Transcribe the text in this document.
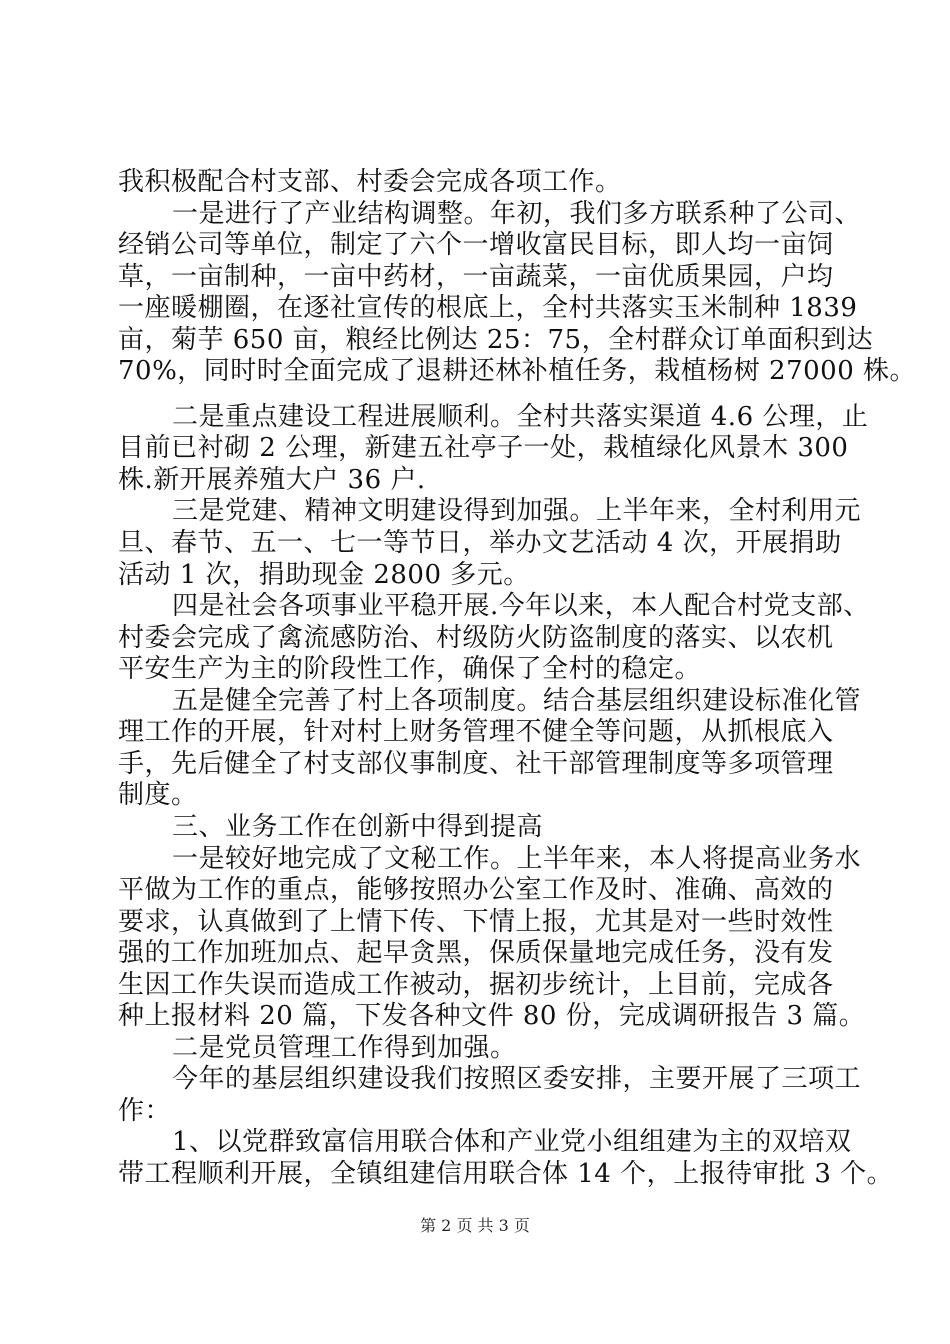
我积极配合村支部、村委会完成各项工作。
一是进行了产业结构调整。年初，我们多方联系种了公司、
经销公司等单位，制定了六个一增收富民目标，即人均一亩饲
草，一亩制种，一亩中药材，一亩蔬菜，一亩优质果园，户均
一座暖棚圈，在逐社宣传的根底上，全村共落实玉米制种 1839
亩，菊芋 650 亩，粮经比例达 25：75，全村群众订单面积到达
70%，同时时全面完成了退耕还林补植任务，栽植杨树 27000 株。
二是重点建设工程进展顺利。全村共落实渠道 4.6 公理，止
目前已衬砌 2 公理，新建五社亭子一处，栽植绿化风景木 300
株.新开展养殖大户 36 户.
三是党建、精神文明建设得到加强。上半年来，全村利用元
旦、春节、五一、七一等节日，举办文艺活动 4 次，开展捐助
活动 1 次，捐助现金 2800 多元。
四是社会各项事业平稳开展.今年以来，本人配合村党支部、
村委会完成了禽流感防治、村级防火防盗制度的落实、以农机
平安生产为主的阶段性工作，确保了全村的稳定。
五是健全完善了村上各项制度。结合基层组织建设标准化管
理工作的开展，针对村上财务管理不健全等问题，从抓根底入
手，先后健全了村支部仪事制度、社干部管理制度等多项管理
制度。
三、业务工作在创新中得到提高
一是较好地完成了文秘工作。上半年来，本人将提高业务水
平做为工作的重点，能够按照办公室工作及时、准确、高效的
要求，认真做到了上情下传、下情上报，尤其是对一些时效性
强的工作加班加点、起早贪黑，保质保量地完成任务，没有发
生因工作失误而造成工作被动，据初步统计，上目前，完成各
种上报材料 20 篇，下发各种文件 80 份，完成调研报告 3 篇。
二是党员管理工作得到加强。
今年的基层组织建设我们按照区委安排，主要开展了三项工
作：
1、以党群致富信用联合体和产业党小组组建为主的双培双
带工程顺利开展，全镇组建信用联合体 14 个，上报待审批 3 个。
第 2 页 共 3 页
